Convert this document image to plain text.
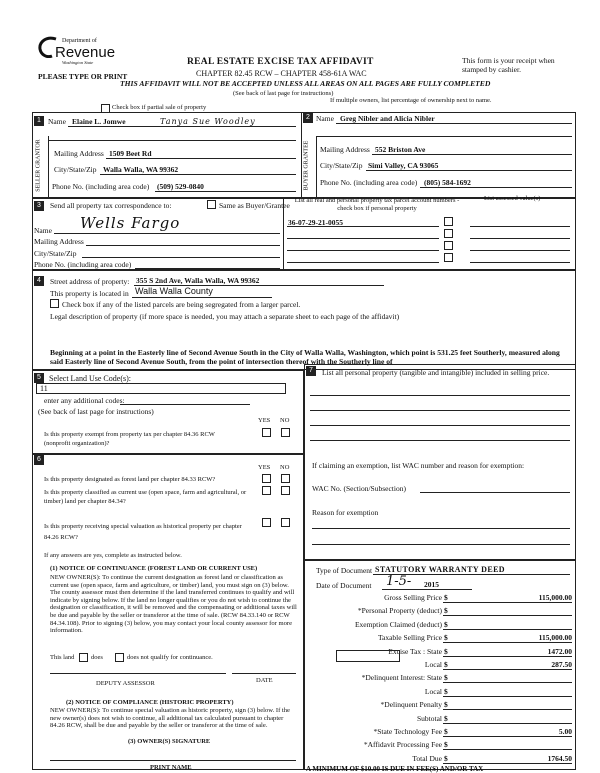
Department of
Revenue
Washington State
PLEASE TYPE OR PRINT
REAL ESTATE EXCISE TAX AFFIDAVIT
CHAPTER 82.45 RCW – CHAPTER 458-61A WAC
THIS AFFIDAVIT WILL NOT BE ACCEPTED UNLESS ALL AREAS ON ALL PAGES ARE FULLY COMPLETED
(See back of last page for instructions)
This form is your receipt when stamped by cashier.
Check box if partial sale of property
If multiple owners, list percentage of ownership next to name.
1
SELLER GRANTOR
Name Elaine L. Jomwe	Tanya Sue Woodley
Mailing Address 1509 Beet Rd
City/State/Zip Walla Walla, WA 99362
Phone No. (including area code) (509) 529-0840
2
BUYER GRANTEE
Name Greg Nibler and Alicia Nibler
Mailing Address 552 Briston Ave
City/State/Zip Simi Valley, CA 93065
Phone No. (including area code) (805) 584-1692
3	Send all property tax correspondence to:	Same as Buyer/Grantee
Name Wells Fargo
Mailing Address
City/State/Zip
Phone No. (including area code)
List all real and personal property tax parcel account numbers - check box if personal property
List assessed value(s)
36-07-29-21-0055
4	Street address of property: 355 S 2nd Ave, Walla Walla, WA 99362
This property is located in Walla Walla County
Check box if any of the listed parcels are being segregated from a larger parcel.
Legal description of property (if more space is needed, you may attach a separate sheet to each page of the affidavit)
Beginning at a point in the Easterly line of Second Avenue South in the City of Walla Walla, Washington, which point is 531.25 feet Southerly, measured along said Easterly line of Second Avenue South, from the point of intersection thereof with the Southerly line of
5	Select Land Use Code(s):
11
enter any additional codes:
(See back of last page for instructions)
YES NO
Is this property exempt from property tax per chapter 84.36 RCW (nonprofit organization)?
6
YES NO
Is this property designated as forest land per chapter 84.33 RCW?
Is this property classified as current use (open space, farm and agricultural, or timber) land per chapter 84.34?
Is this property receiving special valuation as historical property per chapter 84.26 RCW?
If any answers are yes, complete as instructed below.
(1) NOTICE OF CONTINUANCE (FOREST LAND OR CURRENT USE)
NEW OWNER(S): To continue the current designation as forest land or classification as current use (open space, farm and agriculture, or timber) land, you must sign on (3) below. The county assessor must then determine if the land transferred continues to qualify and will indicate by signing below. If the land no longer qualifies or you do not wish to continue the designation or classification, it will be removed and the compensating or additional taxes will be due and payable by the seller or transferor at the time of sale. (RCW 84.33.140 or RCW 84.34.108). Prior to signing (3) below, you may contact your local county assessor for more information.
This land	does	does not qualify for continuance.
DEPUTY ASSESSOR	DATE
(2) NOTICE OF COMPLIANCE (HISTORIC PROPERTY)
NEW OWNER(S): To continue special valuation as historic property, sign (3) below. If the new owner(s) does not wish to continue, all additional tax calculated pursuant to chapter 84.26 RCW, shall be due and payable by the seller or transferor at the time of sale.
(3) OWNER(S) SIGNATURE
PRINT NAME
7	List all personal property (tangible and intangible) included in selling price.
If claiming an exemption, list WAC number and reason for exemption:
WAC No. (Section/Subsection)
Reason for exemption
Type of Document STATUTORY WARRANTY DEED
Date of Document 1-5- 2015
Gross Selling Price $	115,000.00
*Personal Property (deduct) $
Exemption Claimed (deduct) $
Taxable Selling Price $	115,000.00
Excise Tax : State $	1472.00
Local $	287.50
*Delinquent Interest: State $
Local $
*Delinquent Penalty $
Subtotal $
*State Technology Fee $	5.00
*Affidavit Processing Fee $
Total Due $	1764.50
A MINIMUM OF $10.00 IS DUE IN FEE(S) AND/OR TAX
